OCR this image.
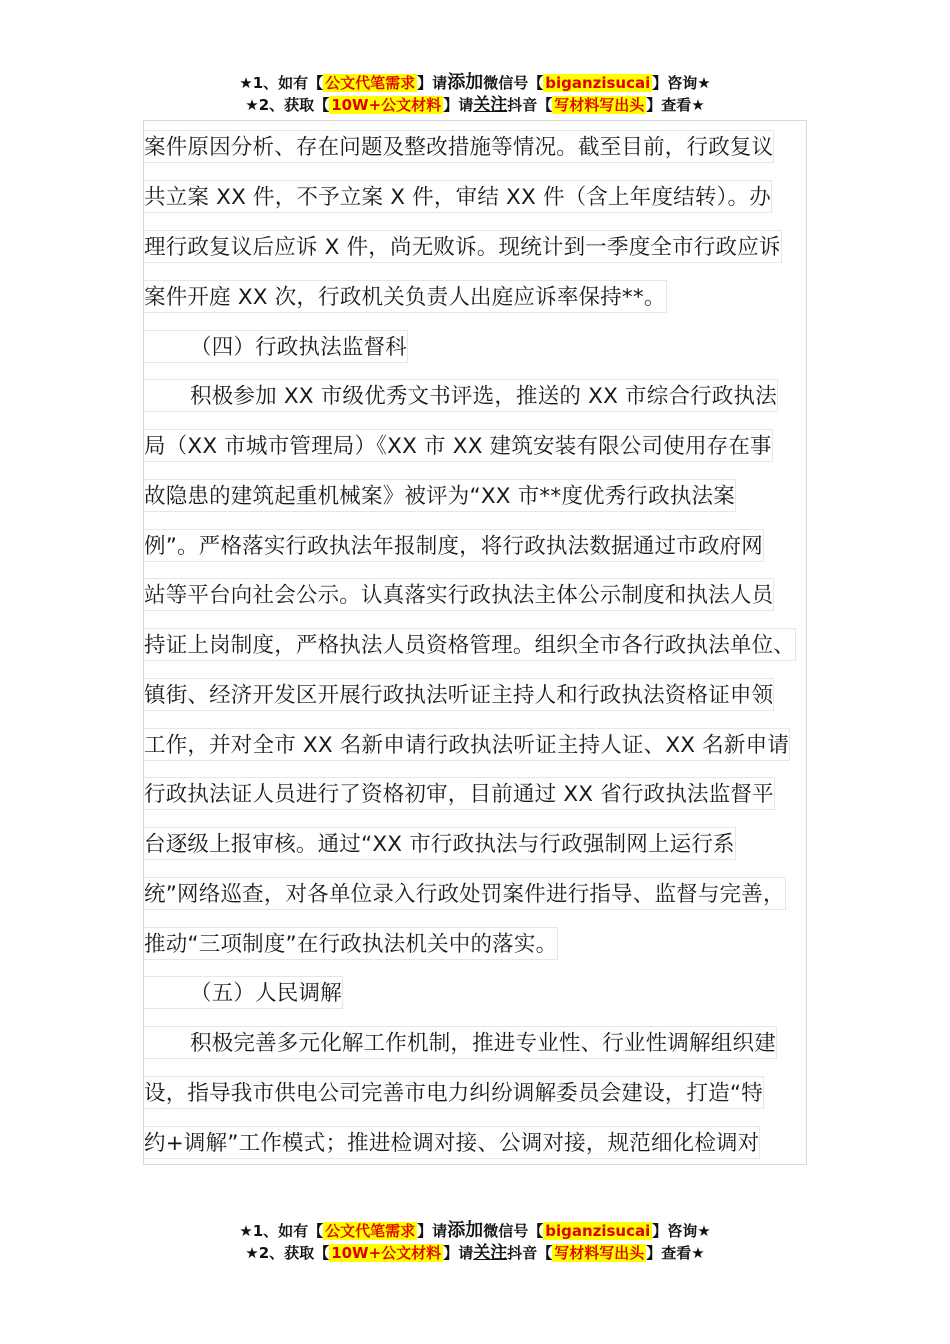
★1、如有【 公文代笔需求 】请添加微信号【 biganzisucai 】咨询★
★2、获取【 10W+公文材料 】请关注抖音【 写材料写出头 】查看★
案件原因分析、存在问题及整改措施等情况。截至目前，行政复议
共立案 XX 件，不予立案 X 件，审结 XX 件（含上年度结转）。办
理行政复议后应诉 X 件，尚无败诉。现统计到一季度全市行政应诉
案件开庭 XX 次，行政机关负责人出庭应诉率保持**。
（四）行政执法监督科
积极参加 XX 市级优秀文书评选，推送的 XX 市综合行政执法
局（XX 市城市管理局）《XX 市 XX 建筑安装有限公司使用存在事
故隐患的建筑起重机械案》被评为“XX 市**度优秀行政执法案
例”。严格落实行政执法年报制度，将行政执法数据通过市政府网
站等平台向社会公示。认真落实行政执法主体公示制度和执法人员
持证上岗制度，严格执法人员资格管理。组织全市各行政执法单位、
镇街、经济开发区开展行政执法听证主持人和行政执法资格证申领
工作，并对全市 XX 名新申请行政执法听证主持人证、XX 名新申请
行政执法证人员进行了资格初审，目前通过 XX 省行政执法监督平
台逐级上报审核。通过“XX 市行政执法与行政强制网上运行系
统”网络巡查，对各单位录入行政处罚案件进行指导、监督与完善，
推动“三项制度”在行政执法机关中的落实。
（五）人民调解
积极完善多元化解工作机制，推进专业性、行业性调解组织建
设，指导我市供电公司完善市电力纠纷调解委员会建设，打造“特
约+调解”工作模式；推进检调对接、公调对接，规范细化检调对
★1、如有【 公文代笔需求 】请添加微信号【 biganzisucai 】咨询★
★2、获取【 10W+公文材料 】请关注抖音【 写材料写出头 】查看★
